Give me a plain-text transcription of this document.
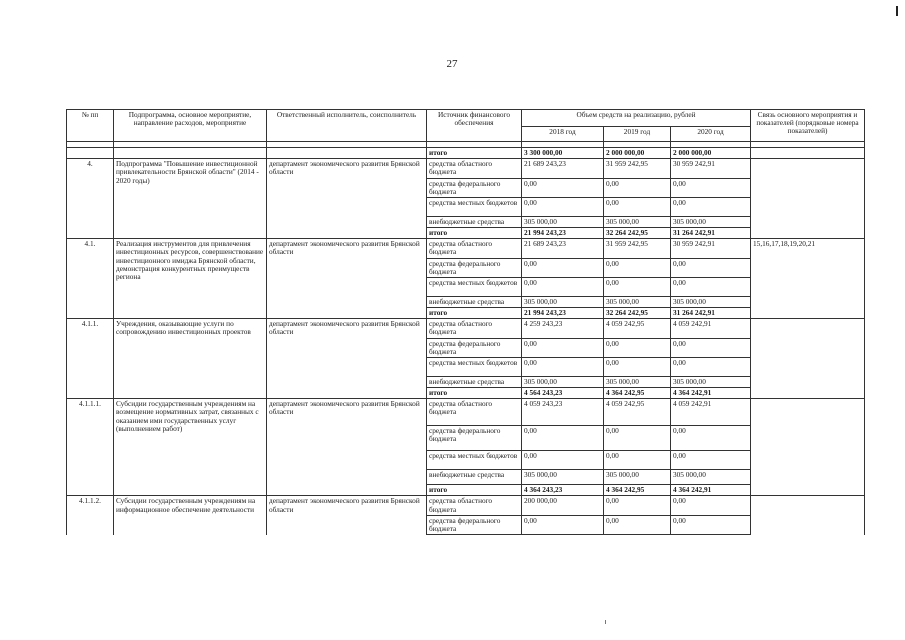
27
№ пп	Подпрограмма, основное мероприятие, направление расходов, мероприятие	Ответственный исполнитель, соисполнитель	Источник финансового обеспечения	Объем средств на реализацию, рублей			Связь основного мероприятия и показателей (порядковые номера показателей)
				2018 год	2019 год	2020 год	

			итого	3 300 000,00	2 000 000,00	2 000 000,00	
4.	Подпрограмма "Повышение инвестиционной привлекательности Брянской области" (2014 - 2020 годы)	департамент экономического развития Брянской области	средства областного бюджета	21 689 243,23	31 959 242,95	30 959 242,91	
			средства федерального бюджета	0,00	0,00	0,00	
			средства местных бюджетов	0,00	0,00	0,00	
			внебюджетные средства	305 000,00	305 000,00	305 000,00	
			итого	21 994 243,23	32 264 242,95	31 264 242,91	
4.1.	Реализация инструментов для привлечения инвестиционных ресурсов, совершенствование инвестиционного имиджа Брянской области, демонстрация конкурентных преимуществ региона	департамент экономического развития Брянской области	средства областного бюджета	21 689 243,23	31 959 242,95	30 959 242,91	15,16,17,18,19,20,21
			средства федерального бюджета	0,00	0,00	0,00	
			средства местных бюджетов	0,00	0,00	0,00	
			внебюджетные средства	305 000,00	305 000,00	305 000,00	
			итого	21 994 243,23	32 264 242,95	31 264 242,91	
4.1.1.	Учреждения, оказывающие услуги по сопровождению инвестиционных проектов	департамент экономического развития Брянской области	средства областного бюджета	4 259 243,23	4 059 242,95	4 059 242,91	
			средства федерального бюджета	0,00	0,00	0,00	
			средства местных бюджетов	0,00	0,00	0,00	
			внебюджетные средства	305 000,00	305 000,00	305 000,00	
			итого	4 564 243,23	4 364 242,95	4 364 242,91	
4.1.1.1.	Субсидии государственным учреждениям на возмещение нормативных затрат, связанных с оказанием ими государственных услуг (выполнением работ)	департамент экономического развития Брянской области	средства областного бюджета	4 059 243,23	4 059 242,95	4 059 242,91	
			средства федерального бюджета	0,00	0,00	0,00	
			средства местных бюджетов	0,00	0,00	0,00	
			внебюджетные средства	305 000,00	305 000,00	305 000,00	
			итого	4 364 243,23	4 364 242,95	4 364 242,91	
4.1.1.2.	Субсидии государственным учреждениям на информационное обеспечение деятельности	департамент экономического развития Брянской области	средства областного бюджета	200 000,00	0,00	0,00	
			средства федерального бюджета	0,00	0,00	0,00	
